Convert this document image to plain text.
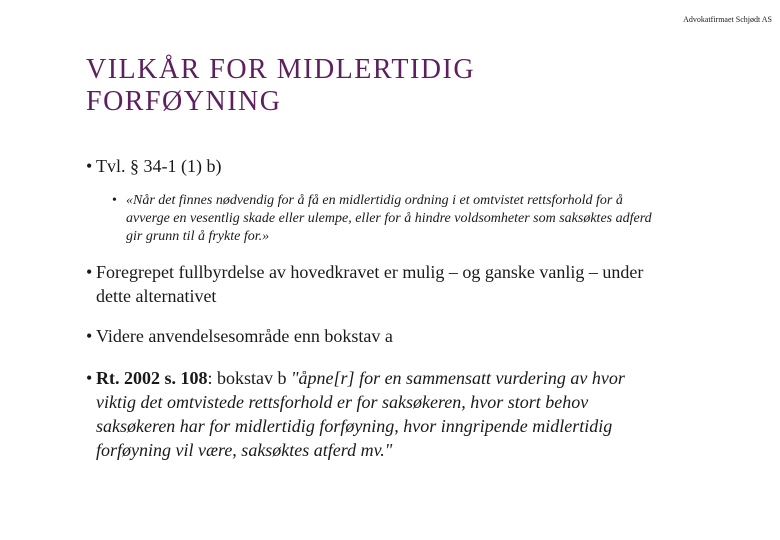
Advokatfirmaet Schjødt AS
VILKÅR FOR MIDLERTIDIG
FORFØYNING
• Tvl. § 34-1 (1) b)
• «Når det finnes nødvendig for å få en midlertidig ordning i et omtvistet rettsforhold for å avverge en vesentlig skade eller ulempe, eller for å hindre voldsomheter som saksøktes adferd gir grunn til å frykte for.»
• Foregrepet fullbyrdelse av hovedkravet er mulig – og ganske vanlig – under dette alternativet
• Videre anvendelsesområde enn bokstav a
• Rt. 2002 s. 108: bokstav b "åpne[r] for en sammensatt vurdering av hvor viktig det omtvistede rettsforhold er for saksøkeren, hvor stort behov saksøkeren har for midlertidig forføyning, hvor inngripende midlertidig forføyning vil være, saksøktes atferd mv."
